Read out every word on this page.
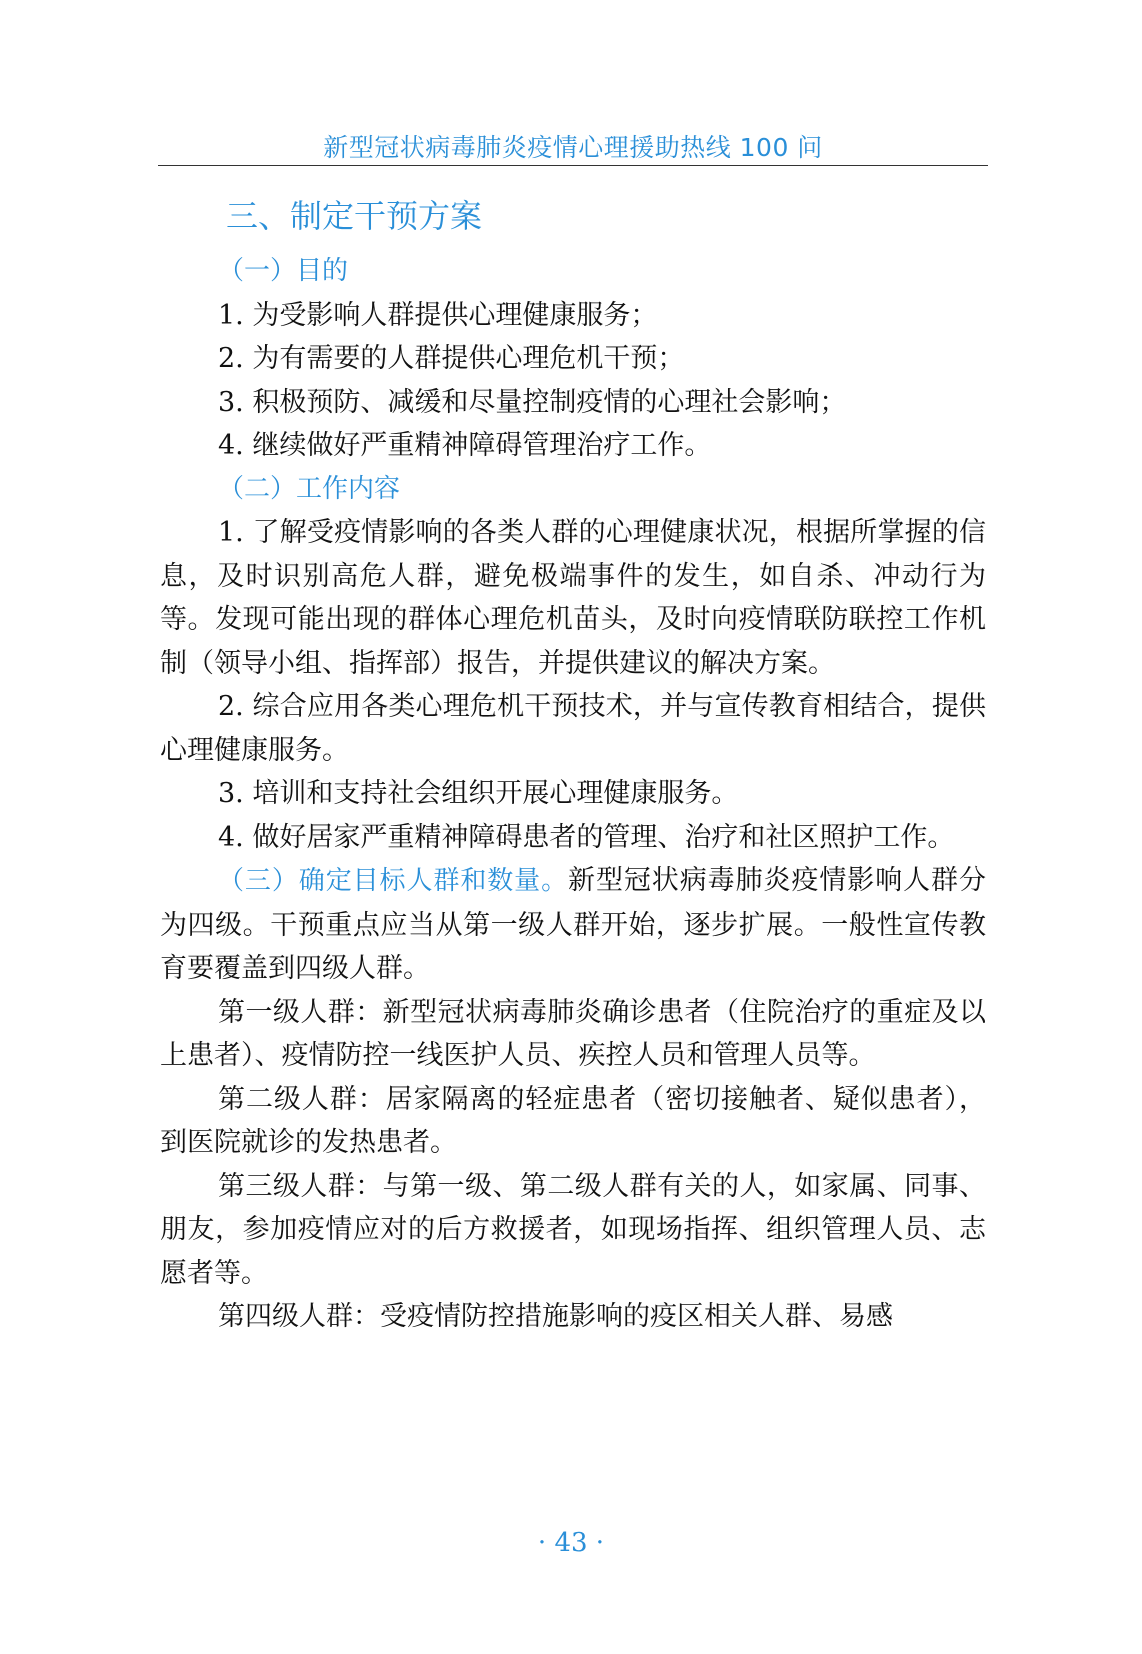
新型冠状病毒肺炎疫情心理援助热线 100 问
三、制定干预方案

（一）目的

1. 为受影响人群提供心理健康服务；

2. 为有需要的人群提供心理危机干预；

3. 积极预防、减缓和尽量控制疫情的心理社会影响；

4. 继续做好严重精神障碍管理治疗工作。

（二）工作内容

1. 了解受疫情影响的各类人群的心理健康状况，根据所掌握的信息，及时识别高危人群，避免极端事件的发生，如自杀、冲动行为等。发现可能出现的群体心理危机苗头，及时向疫情联防联控工作机制（领导小组、指挥部）报告，并提供建议的解决方案。

2. 综合应用各类心理危机干预技术，并与宣传教育相结合，提供心理健康服务。

3. 培训和支持社会组织开展心理健康服务。

4. 做好居家严重精神障碍患者的管理、治疗和社区照护工作。

（三）确定目标人群和数量。新型冠状病毒肺炎疫情影响人群分为四级。干预重点应当从第一级人群开始，逐步扩展。一般性宣传教育要覆盖到四级人群。

第一级人群：新型冠状病毒肺炎确诊患者（住院治疗的重症及以上患者）、疫情防控一线医护人员、疾控人员和管理人员等。

第二级人群：居家隔离的轻症患者（密切接触者、疑似患者），到医院就诊的发热患者。

第三级人群：与第一级、第二级人群有关的人，如家属、同事、朋友，参加疫情应对的后方救援者，如现场指挥、组织管理人员、志愿者等。

第四级人群：受疫情防控措施影响的疫区相关人群、易感

· 43 ·
